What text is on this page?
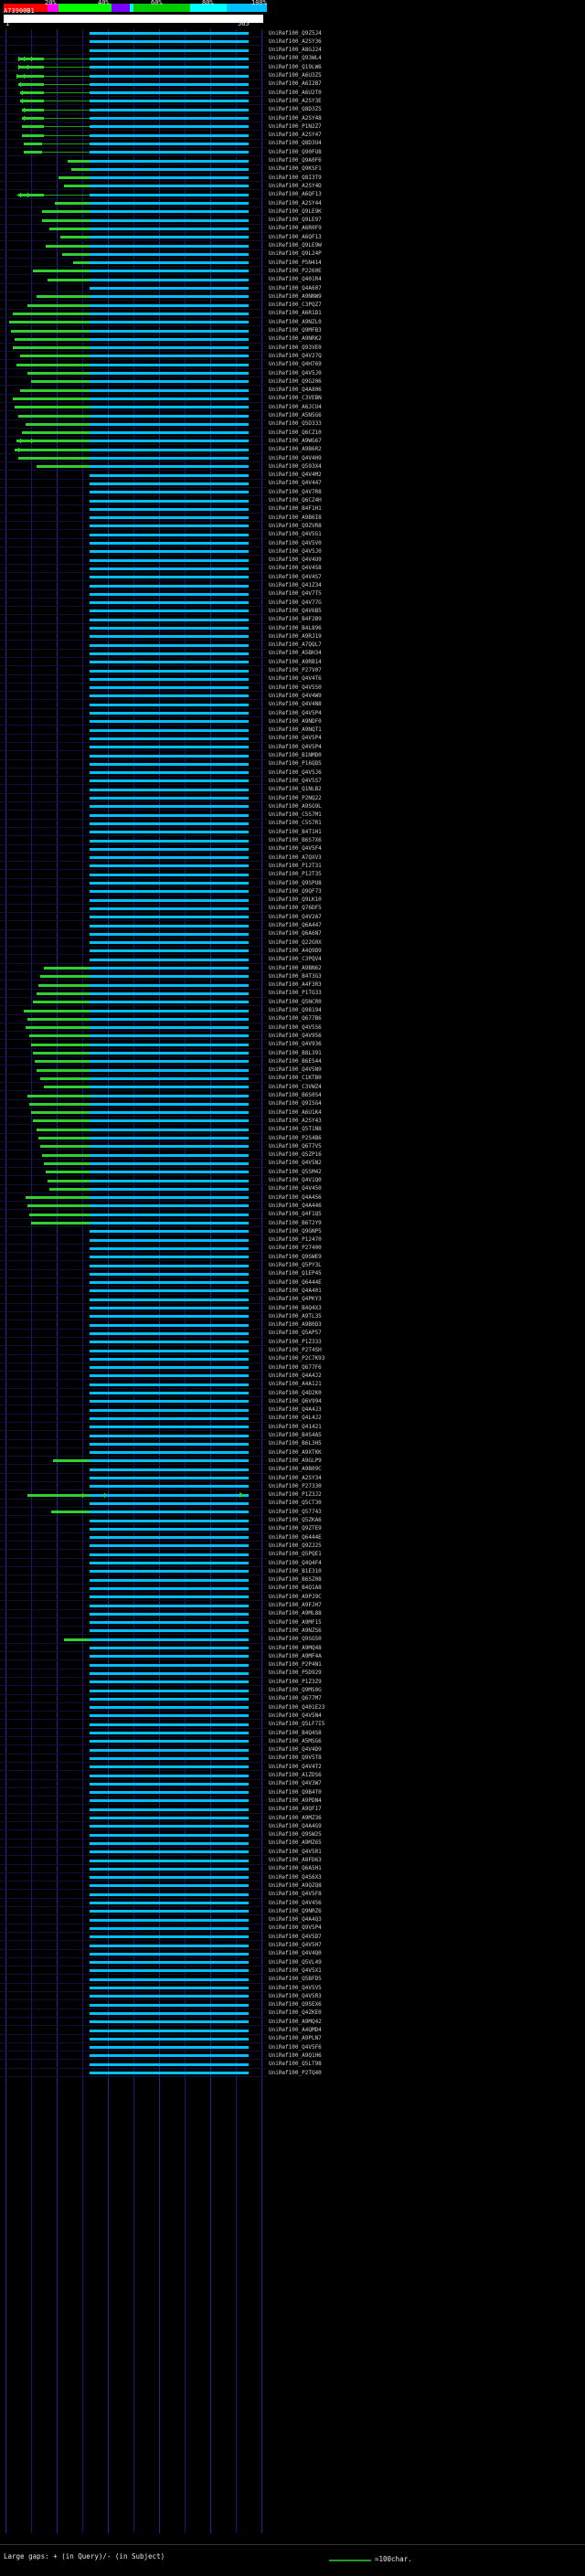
20%	40%	60%	80%	100%
1	565
A73900B1
UniRef100_Q9Z5J4
UniRef100_A2SY36
UniRef100_A8GJ24
UniRef100_Q93WL4
UniRef100_Q19LW6
UniRef100_A6U3Z5
UniRef100_A6I2B7
UniRef100_A6U2T0
UniRef100_A2SY3E
UniRef100_Q8D3Z5
UniRef100_A2SY48
UniRef100_P1N2Z7
UniRef100_A2SY47
UniRef100_Q8D3U4
UniRef100_Q90FU8
UniRef100_Q9A0F6
UniRef100_Q9KSF1
UniRef100_Q8I3T9
UniRef100_A2SY4D
UniRef100_A6QF13
UniRef100_A2SY44
UniRef100_Q9LE9K
UniRef100_Q9LE97
UniRef100_A6R0F9
UniRef100_A6QF13
UniRef100_Q9LE9W
UniRef100_Q9L24P
UniRef100_P5N414
UniRef100_P2260E
UniRef100_Q401R4
UniRef100_Q4A607
UniRef100_A9NNW9
UniRef100_C3PQZ7
UniRef100_A6R1D1
UniRef100_A9NZL0
UniRef100_Q9MFB3
UniRef100_A9NRK2
UniRef100_Q93VE0
UniRef100_Q4V27Q
UniRef100_Q4H769
UniRef100_Q4V5J0
UniRef100_Q9G206
UniRef100_Q4A806
UniRef100_C3VEBN
UniRef100_A6JCU4
UniRef100_A5N5G6
UniRef100_Q5D333
UniRef100_Q6CZ10
UniRef100_A9WG67
UniRef100_A9B6R2
UniRef100_Q4V4H9
UniRef100_Q593X4
UniRef100_Q4V4M2
UniRef100_Q4V447
UniRef100_Q4V7R8
UniRef100_Q6CZ4H
UniRef100_B4F1H1
UniRef100_A9B6I8
UniRef100_Q9ZVR8
UniRef100_Q4V5G1
UniRef100_Q4V5V0
UniRef100_Q4V5J0
UniRef100_Q4V4U9
UniRef100_Q4V4S8
UniRef100_Q4V4S7
UniRef100_Q41Z34
UniRef100_Q4V7T5
UniRef100_Q4V77G
UniRef100_Q4V6B5
UniRef100_B4F2B9
UniRef100_B4L896
UniRef100_A9RJ19
UniRef100_A7QQL7
UniRef100_A5BH34
UniRef100_A9RB14
UniRef100_P27V07
UniRef100_Q4V4T6
UniRef100_Q4V5S0
UniRef100_Q4V4W9
UniRef100_Q4V4N8
UniRef100_Q4V5P4
UniRef100_A9NDF0
UniRef100_A9NQT1
UniRef100_Q4V5P4
UniRef100_Q4V5P4
UniRef100_B1NMD0
UniRef100_P16QD5
UniRef100_Q4V5J6
UniRef100_Q4V5S7
UniRef100_Q1NLB2
UniRef100_P2NQ22
UniRef100_A9SG9L
UniRef100_C5S7M1
UniRef100_C5S7R1
UniRef100_B4T1H1
UniRef100_B6S7X6
UniRef100_Q4V5F4
UniRef100_A7QXV3
UniRef100_P12T31
UniRef100_P12T35
UniRef100_Q9SPU8
UniRef100_Q9QF73
UniRef100_Q9LK10
UniRef100_Q76DF5
UniRef100_Q4V2A7
UniRef100_Q6A447
UniRef100_Q6A6N7
UniRef100_Q22G0X
UniRef100_A4Q9D9
UniRef100_C3PQV4
UniRef100_A9BN62
UniRef100_B4T3G3
UniRef100_A4F3R3
UniRef100_P1TG33
UniRef100_Q5NCR0
UniRef100_Q98194
UniRef100_Q677B6
UniRef100_Q4V5S6
UniRef100_Q4V956
UniRef100_Q4V936
UniRef100_B8L391
UniRef100_B6ES44
UniRef100_Q4V5N9
UniRef100_C1KTB0
UniRef100_C3VWZ4
UniRef100_B6S0S4
UniRef100_Q9ISG4
UniRef100_A6U1K4
UniRef100_A2SY43
UniRef100_Q5T1N8
UniRef100_P2S4B6
UniRef100_Q6T7V5
UniRef100_Q5ZP16
UniRef100_Q4V5N2
UniRef100_Q5SM42
UniRef100_Q4V1Q0
UniRef100_Q4V450
UniRef100_Q4A456
UniRef100_Q4A446
UniRef100_Q4F1Q5
UniRef100_B6T2Y9
UniRef100_Q9GNP5
UniRef100_P12470
UniRef100_P27400
UniRef100_Q9SWE9
UniRef100_Q5PY3L
UniRef100_Q1EP45
UniRef100_Q6444E
UniRef100_Q4A401
UniRef100_Q4PKY3
UniRef100_B4Q4X3
UniRef100_A9TL35
UniRef100_A9B0D3
UniRef100_Q5AP57
UniRef100_P1Z333
UniRef100_P2T4SH
UniRef100_P2C7K93
UniRef100_Q677F6
UniRef100_Q4A4J2
UniRef100_A4A121
UniRef100_Q4D2K0
UniRef100_Q6V994
UniRef100_Q4A4J3
UniRef100_Q4L4J2
UniRef100_Q41421
UniRef100_B4S4A5
UniRef100_B6L3H5
UniRef100_A9XTKK
UniRef100_A9GLP9
UniRef100_A9B09C
UniRef100_A2SY34
UniRef100_P27330
UniRef100_P1Z3J2
UniRef100_Q5CT30
UniRef100_Q57743
UniRef100_Q5ZKA6
UniRef100_Q9ZTE9
UniRef100_Q6444E
UniRef100_Q9ZJ25
UniRef100_Q5PQE1
UniRef100_Q4Q4F4
UniRef100_B1E310
UniRef100_B6SZ08
UniRef100_B4Q1A8
UniRef100_A9PJ9C
UniRef100_A9FJH7
UniRef100_A9ML88
UniRef100_A9MF15
UniRef100_A9NZS6
UniRef100_Q9SG50
UniRef100_A9MQ48
UniRef100_A9MF4A
UniRef100_P2P4N1
UniRef100_P5D929
UniRef100_P1Z3Z9
UniRef100_Q9MS0G
UniRef100_Q677M7
UniRef100_Q401E23
UniRef100_Q4V5N4
UniRef100_Q5LF7I5
UniRef100_B4Q4S8
UniRef100_A5MSG6
UniRef100_Q4V4D9
UniRef100_Q9V5T8
UniRef100_Q4V4T2
UniRef100_A1ZDS6
UniRef100_Q4V3W7
UniRef100_Q9B4T0
UniRef100_A9PDN4
UniRef100_A9QF17
UniRef100_A9MZ36
UniRef100_Q4A4G9
UniRef100_Q9SW25
UniRef100_A9MZ65
UniRef100_Q4V5R1
UniRef100_A8FD63
UniRef100_Q6A5H1
UniRef100_Q4S6X3
UniRef100_A9QZQ8
UniRef100_Q4V5F8
UniRef100_Q4V456
UniRef100_Q9NRZ6
UniRef100_Q4A4Q3
UniRef100_Q9V5P4
UniRef100_Q4V5D7
UniRef100_Q4V5H7
UniRef100_Q4V4Q0
UniRef100_Q5VL49
UniRef100_Q4V5X1
UniRef100_Q5BFD5
UniRef100_Q4V5V5
UniRef100_Q4V5R3
UniRef100_Q9SEX6
UniRef100_Q4ZKE0
UniRef100_A9MQ42
UniRef100_A4QMD4
UniRef100_A9PLN7
UniRef100_Q4V5F6
UniRef100_A9Q1H6
UniRef100_Q5LT98
UniRef100_P2TQ40
Large gaps: + (in Query)/- (in Subject)	=100char.
